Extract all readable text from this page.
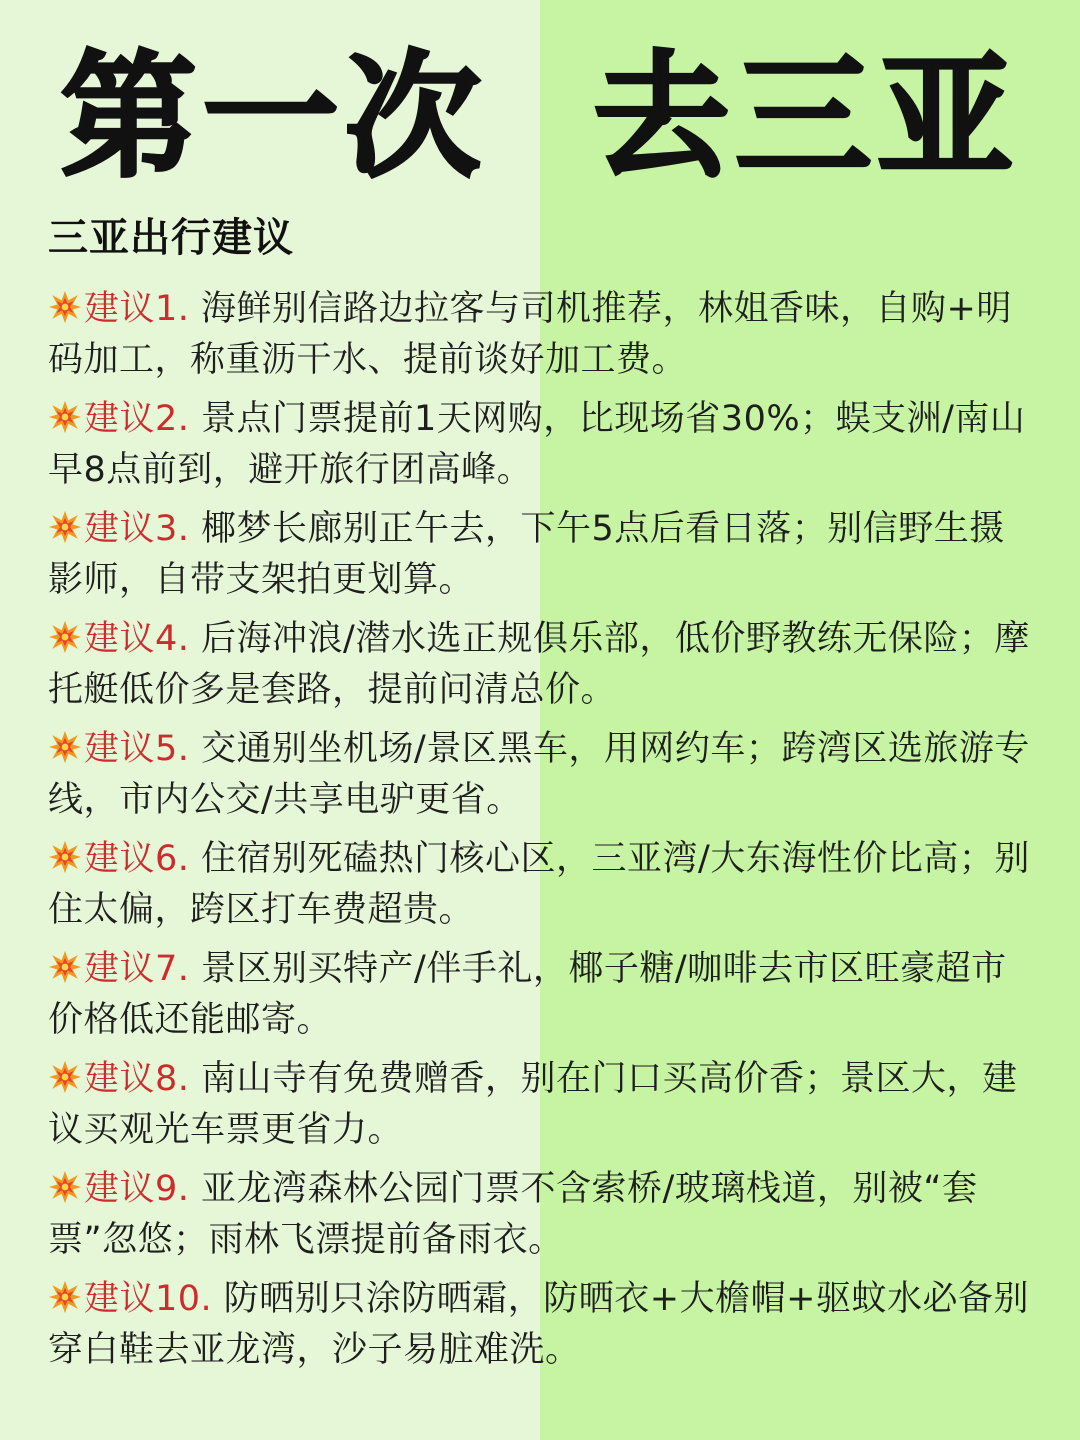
第一次  去三亚
三亚出行建议
建议1. 海鲜别信路边拉客与司机推荐，林姐香味，自购+明码加工，称重沥干水、提前谈好加工费。
建议2. 景点门票提前1天网购，比现场省30%；蜈支洲/南山早8点前到，避开旅行团高峰。
建议3. 椰梦长廊别正午去，下午5点后看日落；别信野生摄影师，自带支架拍更划算。
建议4. 后海冲浪/潜水选正规俱乐部，低价野教练无保险；摩托艇低价多是套路，提前问清总价。
建议5. 交通别坐机场/景区黑车，用网约车；跨湾区选旅游专线，市内公交/共享电驴更省。
建议6. 住宿别死磕热门核心区，三亚湾/大东海性价比高；别住太偏，跨区打车费超贵。
建议7. 景区别买特产/伴手礼，椰子糖/咖啡去市区旺豪超市价格低还能邮寄。
建议8. 南山寺有免费赠香，别在门口买高价香；景区大，建议买观光车票更省力。
建议9. 亚龙湾森林公园门票不含索桥/玻璃栈道，别被“套票”忽悠；雨林飞漂提前备雨衣。
建议10. 防晒别只涂防晒霜，防晒衣+大檐帽+驱蚊水必备别穿白鞋去亚龙湾，沙子易脏难洗。
